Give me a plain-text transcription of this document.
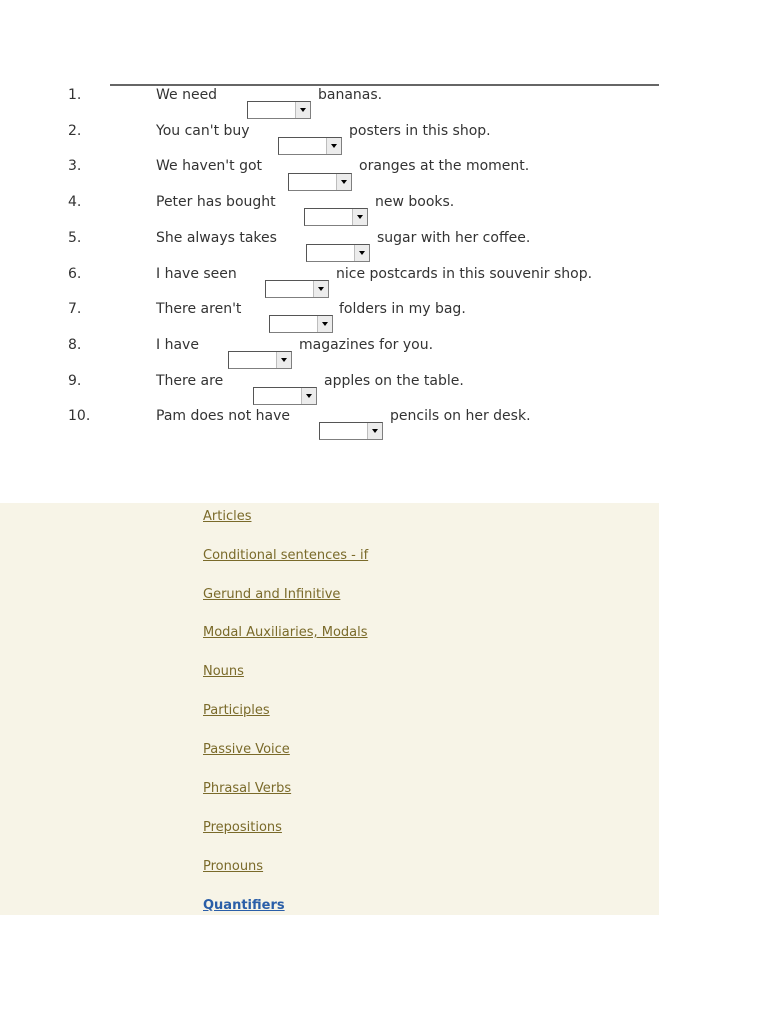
1.	We need	bananas.
2.	You can't buy	posters in this shop.
3.	We haven't got	oranges at the moment.
4.	Peter has bought	new books.
5.	She always takes	sugar with her coffee.
6.	I have seen	nice postcards in this souvenir shop.
7.	There aren't	folders in my bag.
8.	I have	magazines for you.
9.	There are	apples on the table.
10.	Pam does not have	pencils on her desk.
Articles
Conditional sentences - if
Gerund and Infinitive
Modal Auxiliaries, Modals
Nouns
Participles
Passive Voice
Phrasal Verbs
Prepositions
Pronouns
Quantifiers
